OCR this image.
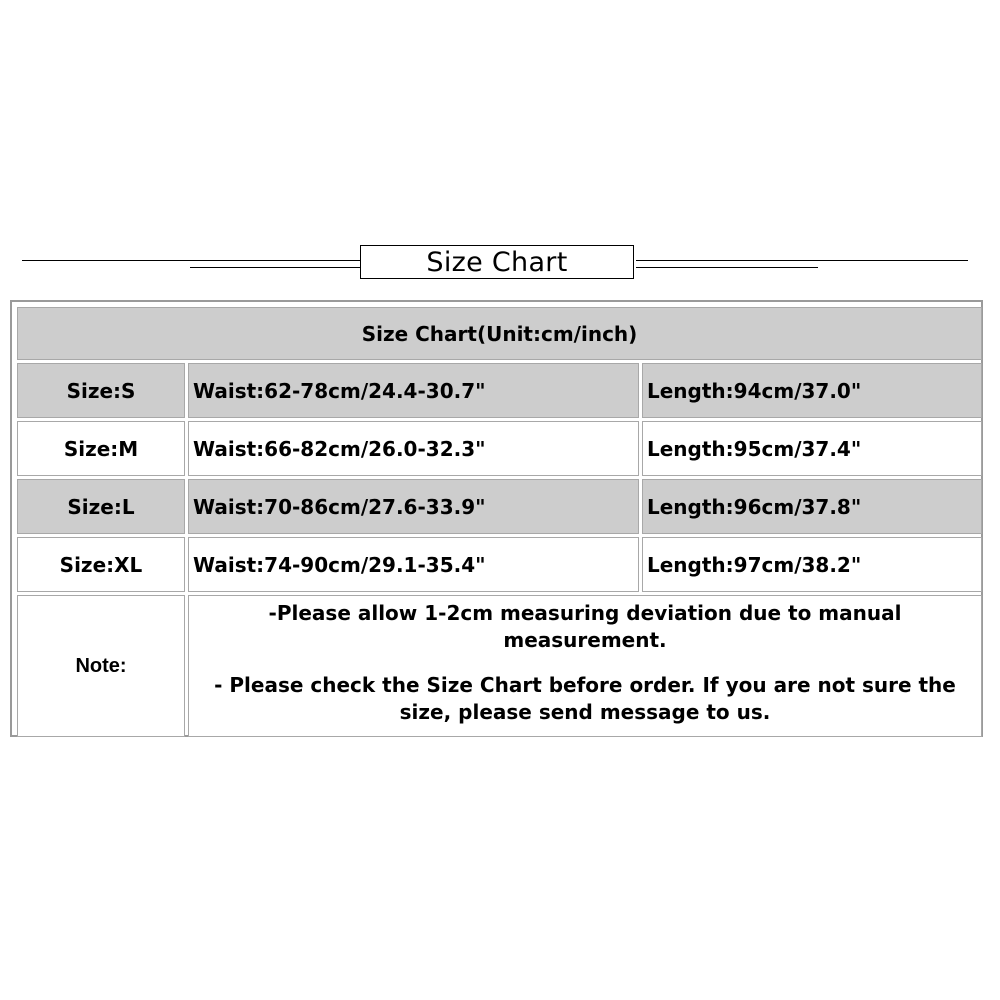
Size Chart
Size Chart(Unit:cm/inch)		
Size:S	Waist:62-78cm/24.4-30.7"	Length:94cm/37.0"
Size:M	Waist:66-82cm/26.0-32.3"	Length:95cm/37.4"
Size:L	Waist:70-86cm/27.6-33.9"	Length:96cm/37.8"
Size:XL	Waist:74-90cm/29.1-35.4"	Length:97cm/38.2"
Note:	-Please allow 1-2cm measuring deviation due to manual measurement.

- Please check the Size Chart before order. If you are not sure the size, please send message to us.	
